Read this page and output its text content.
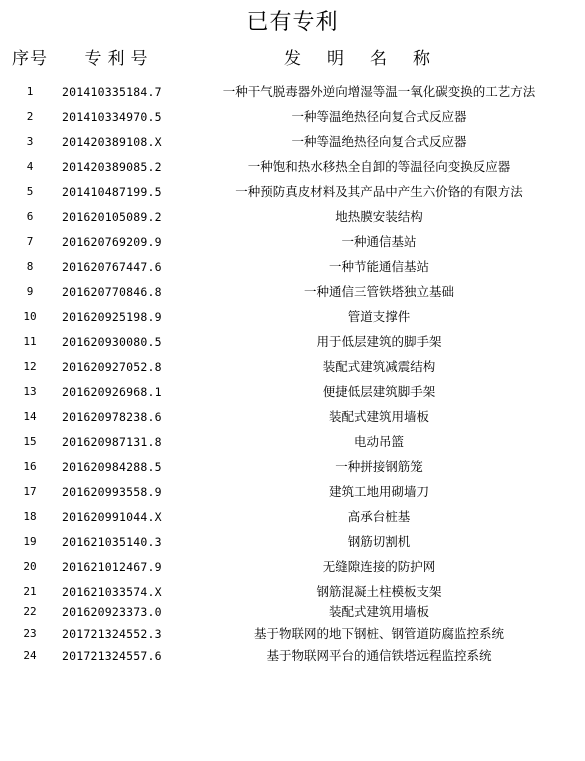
已有专利
序号	专利号	发明名称
1	201410335184.7	一种干气脱毒器外逆向增湿等温一氧化碳变换的工艺方法
2	201410334970.5	一种等温绝热径向复合式反应器
3	201420389108.X	一种等温绝热径向复合式反应器
4	201420389085.2	一种饱和热水移热全自卸的等温径向变换反应器
5	201410487199.5	一种预防真皮材料及其产品中产生六价铬的有限方法
6	201620105089.2	地热膜安装结构
7	201620769209.9	一种通信基站
8	201620767447.6	一种节能通信基站
9	201620770846.8	一种通信三管铁塔独立基础
10	201620925198.9	管道支撑件
11	201620930080.5	用于低层建筑的脚手架
12	201620927052.8	装配式建筑减震结构
13	201620926968.1	便捷低层建筑脚手架
14	201620978238.6	装配式建筑用墙板
15	201620987131.8	电动吊篮
16	201620984288.5	一种拼接钢筋笼
17	201620993558.9	建筑工地用砌墙刀
18	201620991044.X	高承台桩基
19	201621035140.3	钢筋切割机
20	201621012467.9	无缝隙连接的防护网
21	201621033574.X	钢筋混凝土柱模板支架
22	201620923373.0	装配式建筑用墙板
23	201721324552.3	基于物联网的地下钢桩、钢管道防腐监控系统
24	201721324557.6	基于物联网平台的通信铁塔远程监控系统
